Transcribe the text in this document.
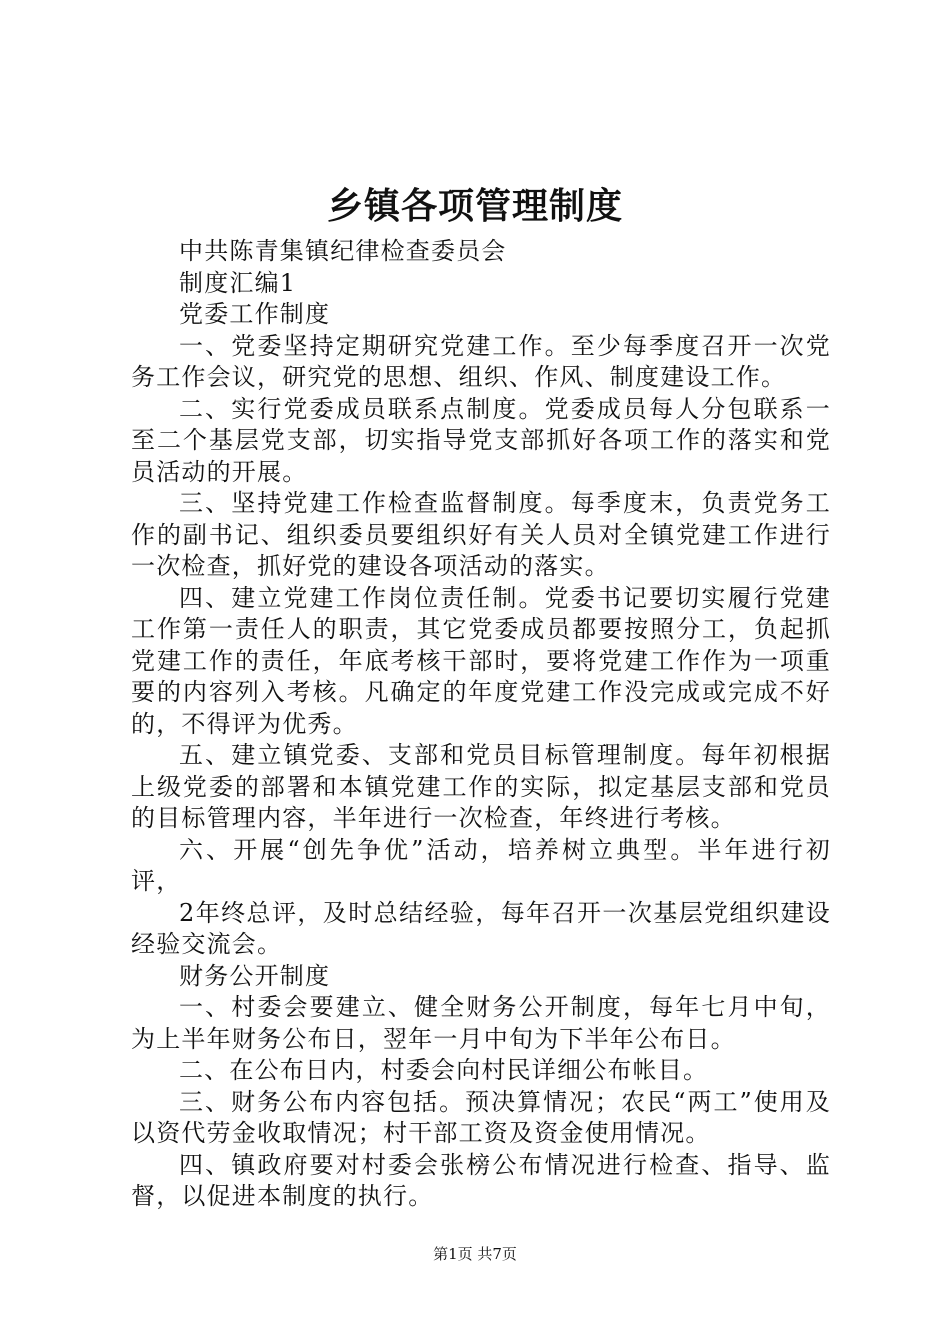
乡镇各项管理制度

中共陈青集镇纪律检查委员会

制度汇编1

党委工作制度

一、党委坚持定期研究党建工作。至少每季度召开一次党务工作会议，研究党的思想、组织、作风、制度建设工作。

二、实行党委成员联系点制度。党委成员每人分包联系一至二个基层党支部，切实指导党支部抓好各项工作的落实和党员活动的开展。

三、坚持党建工作检查监督制度。每季度末，负责党务工作的副书记、组织委员要组织好有关人员对全镇党建工作进行一次检查，抓好党的建设各项活动的落实。

四、建立党建工作岗位责任制。党委书记要切实履行党建工作第一责任人的职责，其它党委成员都要按照分工，负起抓党建工作的责任，年底考核干部时，要将党建工作作为一项重要的内容列入考核。凡确定的年度党建工作没完成或完成不好的，不得评为优秀。

五、建立镇党委、支部和党员目标管理制度。每年初根据上级党委的部署和本镇党建工作的实际，拟定基层支部和党员的目标管理内容，半年进行一次检查，年终进行考核。

六、开展“创先争优”活动，培养树立典型。半年进行初评，

2年终总评，及时总结经验，每年召开一次基层党组织建设经验交流会。

财务公开制度

一、村委会要建立、健全财务公开制度，每年七月中旬，为上半年财务公布日，翌年一月中旬为下半年公布日。

二、在公布日内，村委会向村民详细公布帐目。

三、财务公布内容包括。预决算情况；农民“两工”使用及以资代劳金收取情况；村干部工资及资金使用情况。

四、镇政府要对村委会张榜公布情况进行检查、指导、监督，以促进本制度的执行。

第1页 共7页
